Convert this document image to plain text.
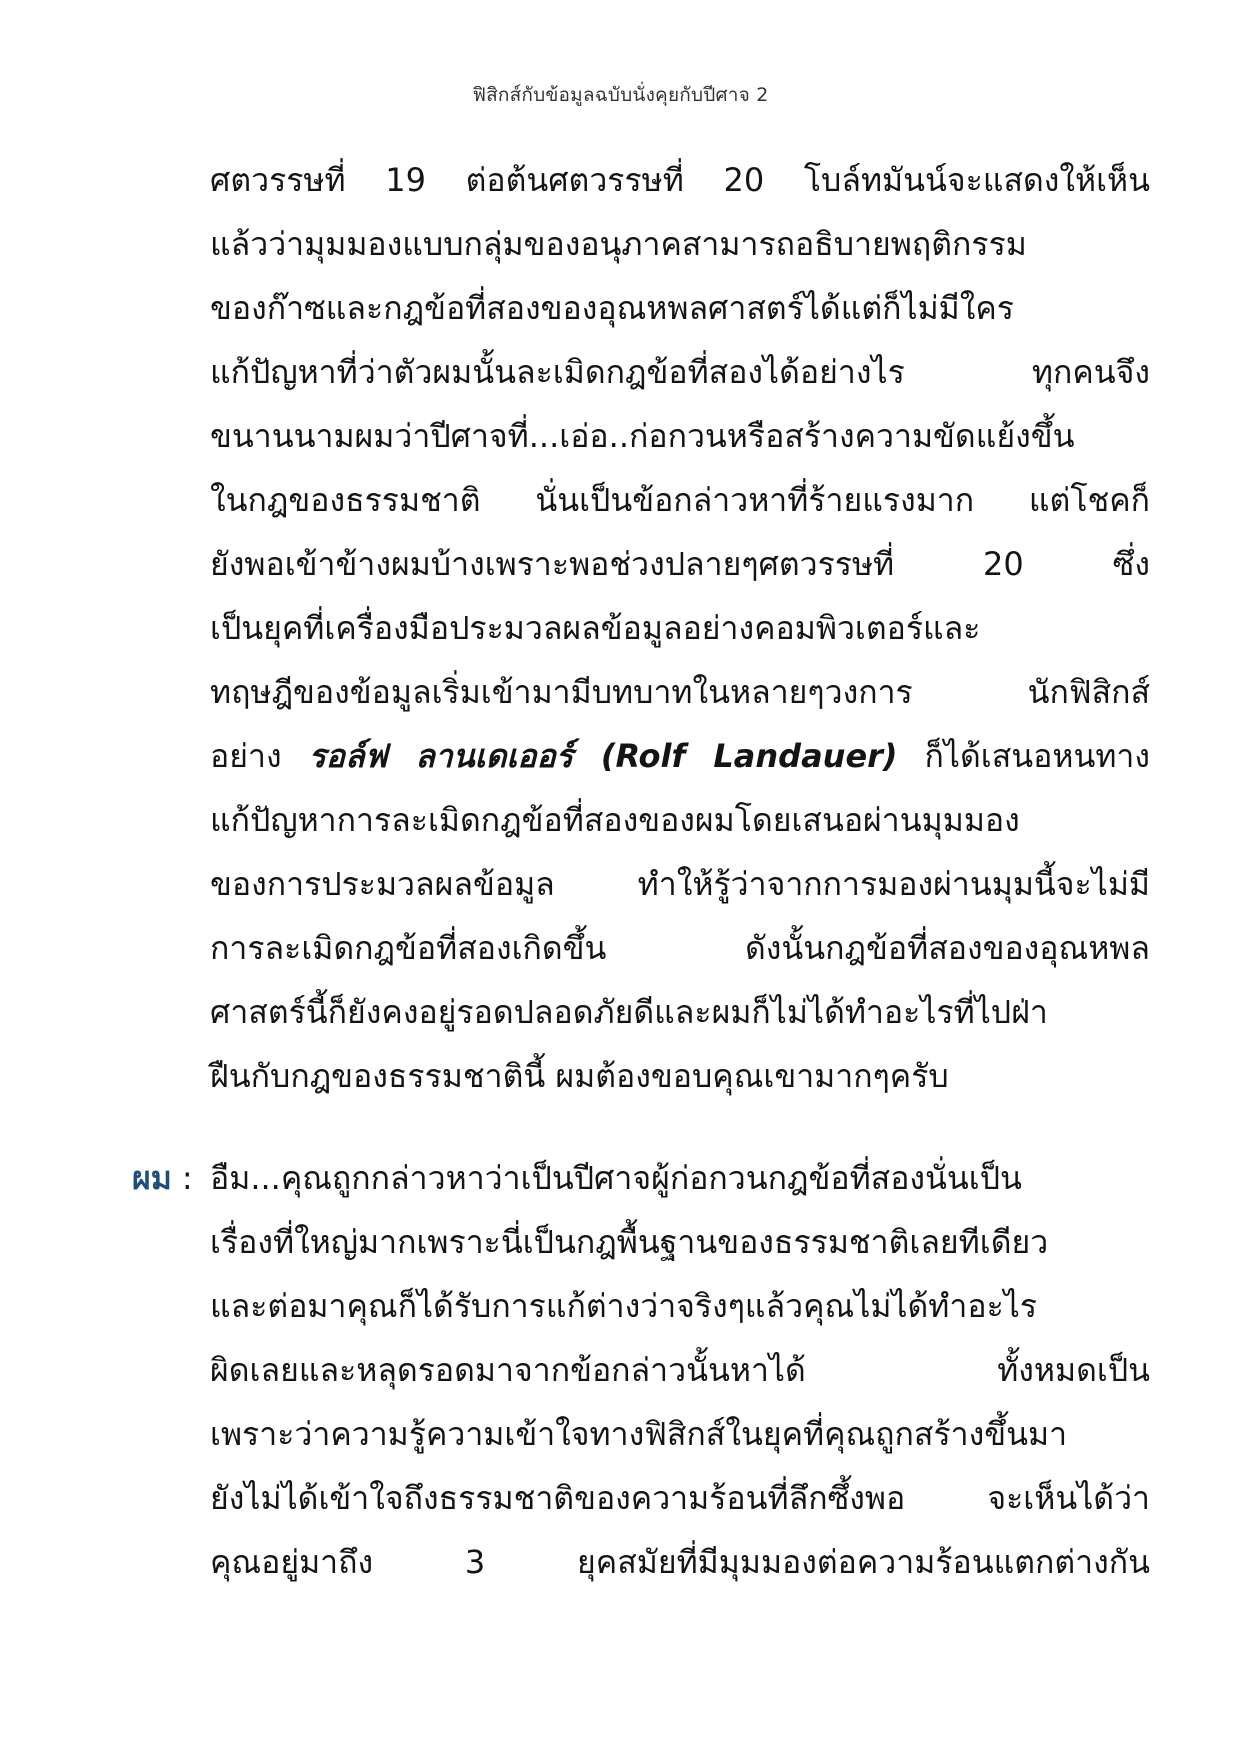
ฟิสิกส์กับข้อมูลฉบับนั่งคุยกับปีศาจ 2
ศตวรรษที่ 19 ต่อต้นศตวรรษที่ 20 โบล์ทมันน์จะแสดงให้เห็น
แล้วว่ามุมมองแบบกลุ่มของอนุภาคสามารถอธิบายพฤติกรรม
ของก๊าซและกฎข้อที่สองของอุณหพลศาสตร์ได้แต่ก็ไม่มีใคร
แก้ปัญหาที่ว่าตัวผมนั้นละเมิดกฎข้อที่สองได้อย่างไร ทุกคนจึง
ขนานนามผมว่าปีศาจที่...เอ่อ..ก่อกวนหรือสร้างความขัดแย้งขึ้น
ในกฎของธรรมชาติ นั่นเป็นข้อกล่าวหาที่ร้ายแรงมาก แต่โชคก็
ยังพอเข้าข้างผมบ้างเพราะพอช่วงปลายๆศตวรรษที่ 20 ซึ่ง
เป็นยุคที่เครื่องมือประมวลผลข้อมูลอย่างคอมพิวเตอร์และ
ทฤษฎีของข้อมูลเริ่มเข้ามามีบทบาทในหลายๆวงการ นักฟิสิกส์
อย่าง รอล์ฟ ลานเดเออร์ (Rolf Landauer) ก็ได้เสนอหนทาง
แก้ปัญหาการละเมิดกฎข้อที่สองของผมโดยเสนอผ่านมุมมอง
ของการประมวลผลข้อมูล ทำให้รู้ว่าจากการมองผ่านมุมนี้จะไม่มี
การละเมิดกฎข้อที่สองเกิดขึ้น ดังนั้นกฎข้อที่สองของอุณหพล
ศาสตร์นี้ก็ยังคงอยู่รอดปลอดภัยดีและผมก็ไม่ได้ทำอะไรที่ไปฝ่า
ฝืนกับกฎของธรรมชาตินี้ ผมต้องขอบคุณเขามากๆครับ
ผม : อืม...คุณถูกกล่าวหาว่าเป็นปีศาจผู้ก่อกวนกฎข้อที่สองนั่นเป็น
เรื่องที่ใหญ่มากเพราะนี่เป็นกฎพื้นฐานของธรรมชาติเลยทีเดียว
และต่อมาคุณก็ได้รับการแก้ต่างว่าจริงๆแล้วคุณไม่ได้ทำอะไร
ผิดเลยและหลุดรอดมาจากข้อกล่าวนั้นหาได้ ทั้งหมดเป็น
เพราะว่าความรู้ความเข้าใจทางฟิสิกส์ในยุคที่คุณถูกสร้างขึ้นมา
ยังไม่ได้เข้าใจถึงธรรมชาติของความร้อนที่ลึกซึ้งพอ จะเห็นได้ว่า
คุณอยู่มาถึง 3 ยุคสมัยที่มีมุมมองต่อความร้อนแตกต่างกัน
